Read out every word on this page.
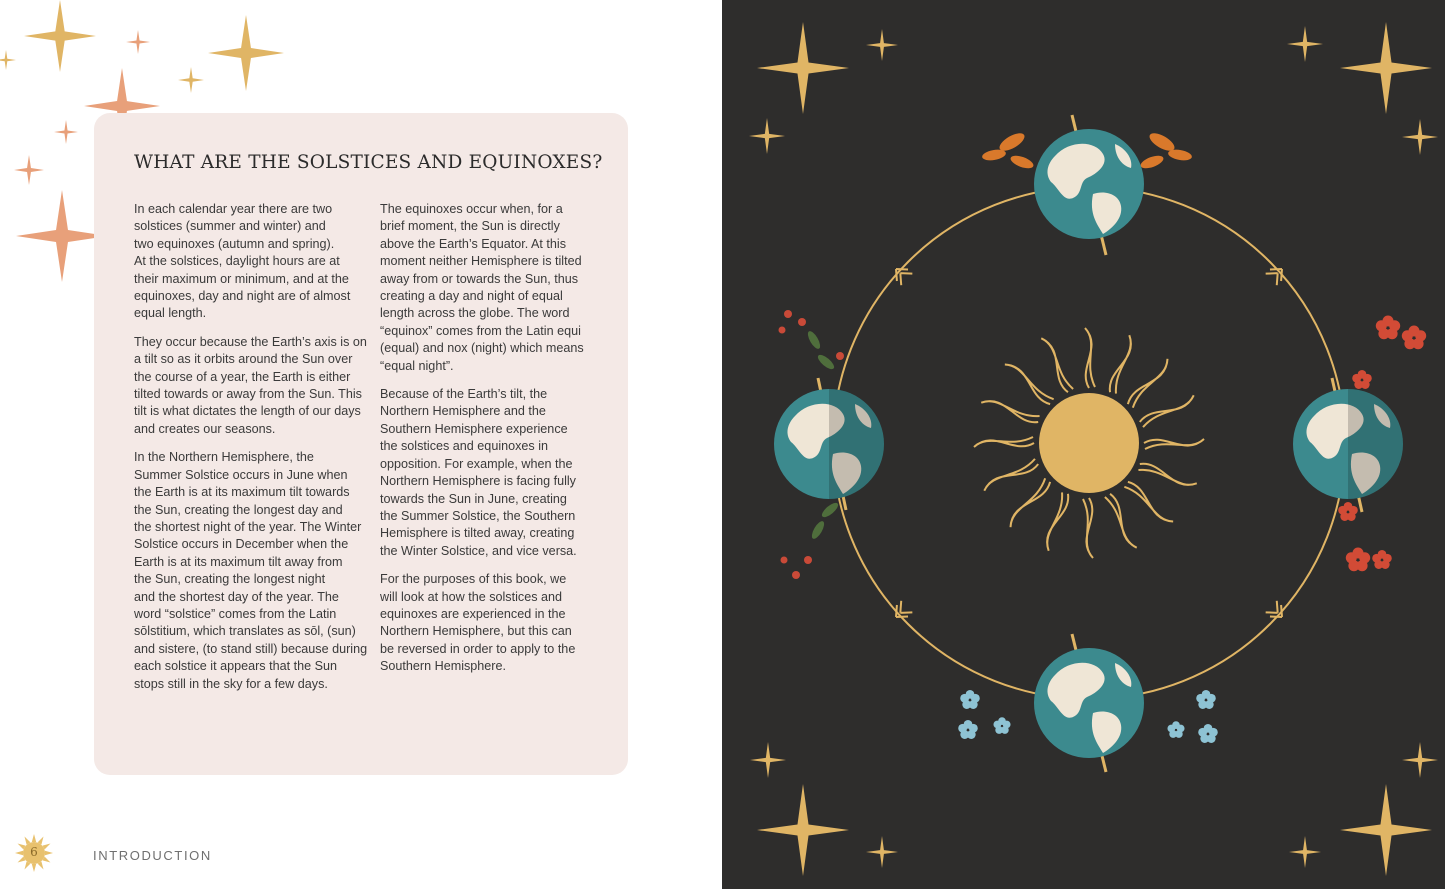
WHAT ARE THE SOLSTICES AND EQUINOXES?

In each calendar year there are two
solstices (summer and winter) and
two equinoxes (autumn and spring).
At the solstices, daylight hours are at
their maximum or minimum, and at the
equinoxes, day and night are of almost
equal length.

They occur because the Earth’s axis is on
a tilt so as it orbits around the Sun over
the course of a year, the Earth is either
tilted towards or away from the Sun. This
tilt is what dictates the length of our days
and creates our seasons.

In the Northern Hemisphere, the
Summer Solstice occurs in June when
the Earth is at its maximum tilt towards
the Sun, creating the longest day and
the shortest night of the year. The Winter
Solstice occurs in December when the
Earth is at its maximum tilt away from
the Sun, creating the longest night
and the shortest day of the year. The
word “solstice” comes from the Latin
sōlstitium, which translates as sōl, (sun)
and sistere, (to stand still) because during
each solstice it appears that the Sun
stops still in the sky for a few days.

The equinoxes occur when, for a
brief moment, the Sun is directly
above the Earth’s Equator. At this
moment neither Hemisphere is tilted
away from or towards the Sun, thus
creating a day and night of equal
length across the globe. The word
“equinox” comes from the Latin equi
(equal) and nox (night) which means
“equal night”.

Because of the Earth’s tilt, the
Northern Hemisphere and the
Southern Hemisphere experience
the solstices and equinoxes in
opposition. For example, when the
Northern Hemisphere is facing fully
towards the Sun in June, creating
the Summer Solstice, the Southern
Hemisphere is tilted away, creating
the Winter Solstice, and vice versa.

For the purposes of this book, we
will look at how the solstices and
equinoxes are experienced in the
Northern Hemisphere, but this can
be reversed in order to apply to the
Southern Hemisphere.

6	INTRODUCTION
